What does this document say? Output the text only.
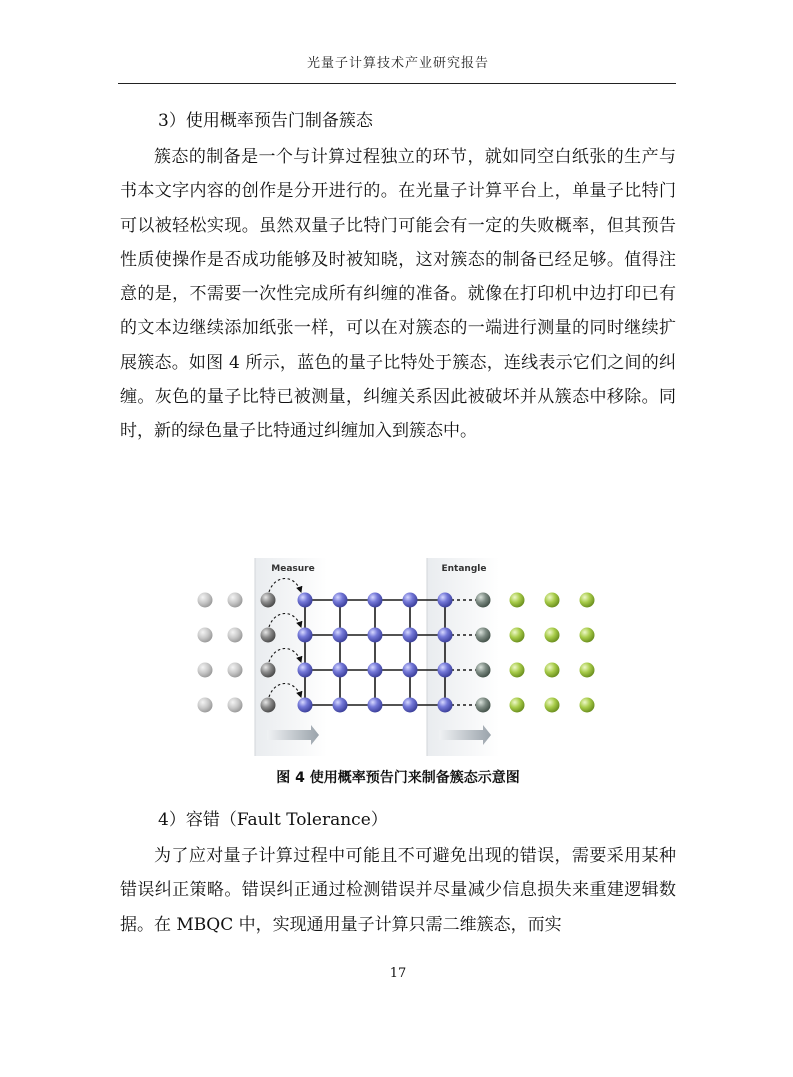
光量子计算技术产业研究报告
3）使用概率预告门制备簇态
簇态的制备是一个与计算过程独立的环节，就如同空白纸张的生产与书本文字内容的创作是分开进行的。在光量子计算平台上，单量子比特门可以被轻松实现。虽然双量子比特门可能会有一定的失败概率，但其预告性质使操作是否成功能够及时被知晓，这对簇态的制备已经足够。值得注意的是，不需要一次性完成所有纠缠的准备。就像在打印机中边打印已有的文本边继续添加纸张一样，可以在对簇态的一端进行测量的同时继续扩展簇态。如图 4 所示，蓝色的量子比特处于簇态，连线表示它们之间的纠缠。灰色的量子比特已被测量，纠缠关系因此被破坏并从簇态中移除。同时，新的绿色量子比特通过纠缠加入到簇态中。
Measure	Entangle
图 4 使用概率预告门来制备簇态示意图
4）容错（Fault Tolerance）
为了应对量子计算过程中可能且不可避免出现的错误，需要采用某种错误纠正策略。错误纠正通过检测错误并尽量减少信息损失来重建逻辑数据。在 MBQC 中，实现通用量子计算只需二维簇态，而实
17
